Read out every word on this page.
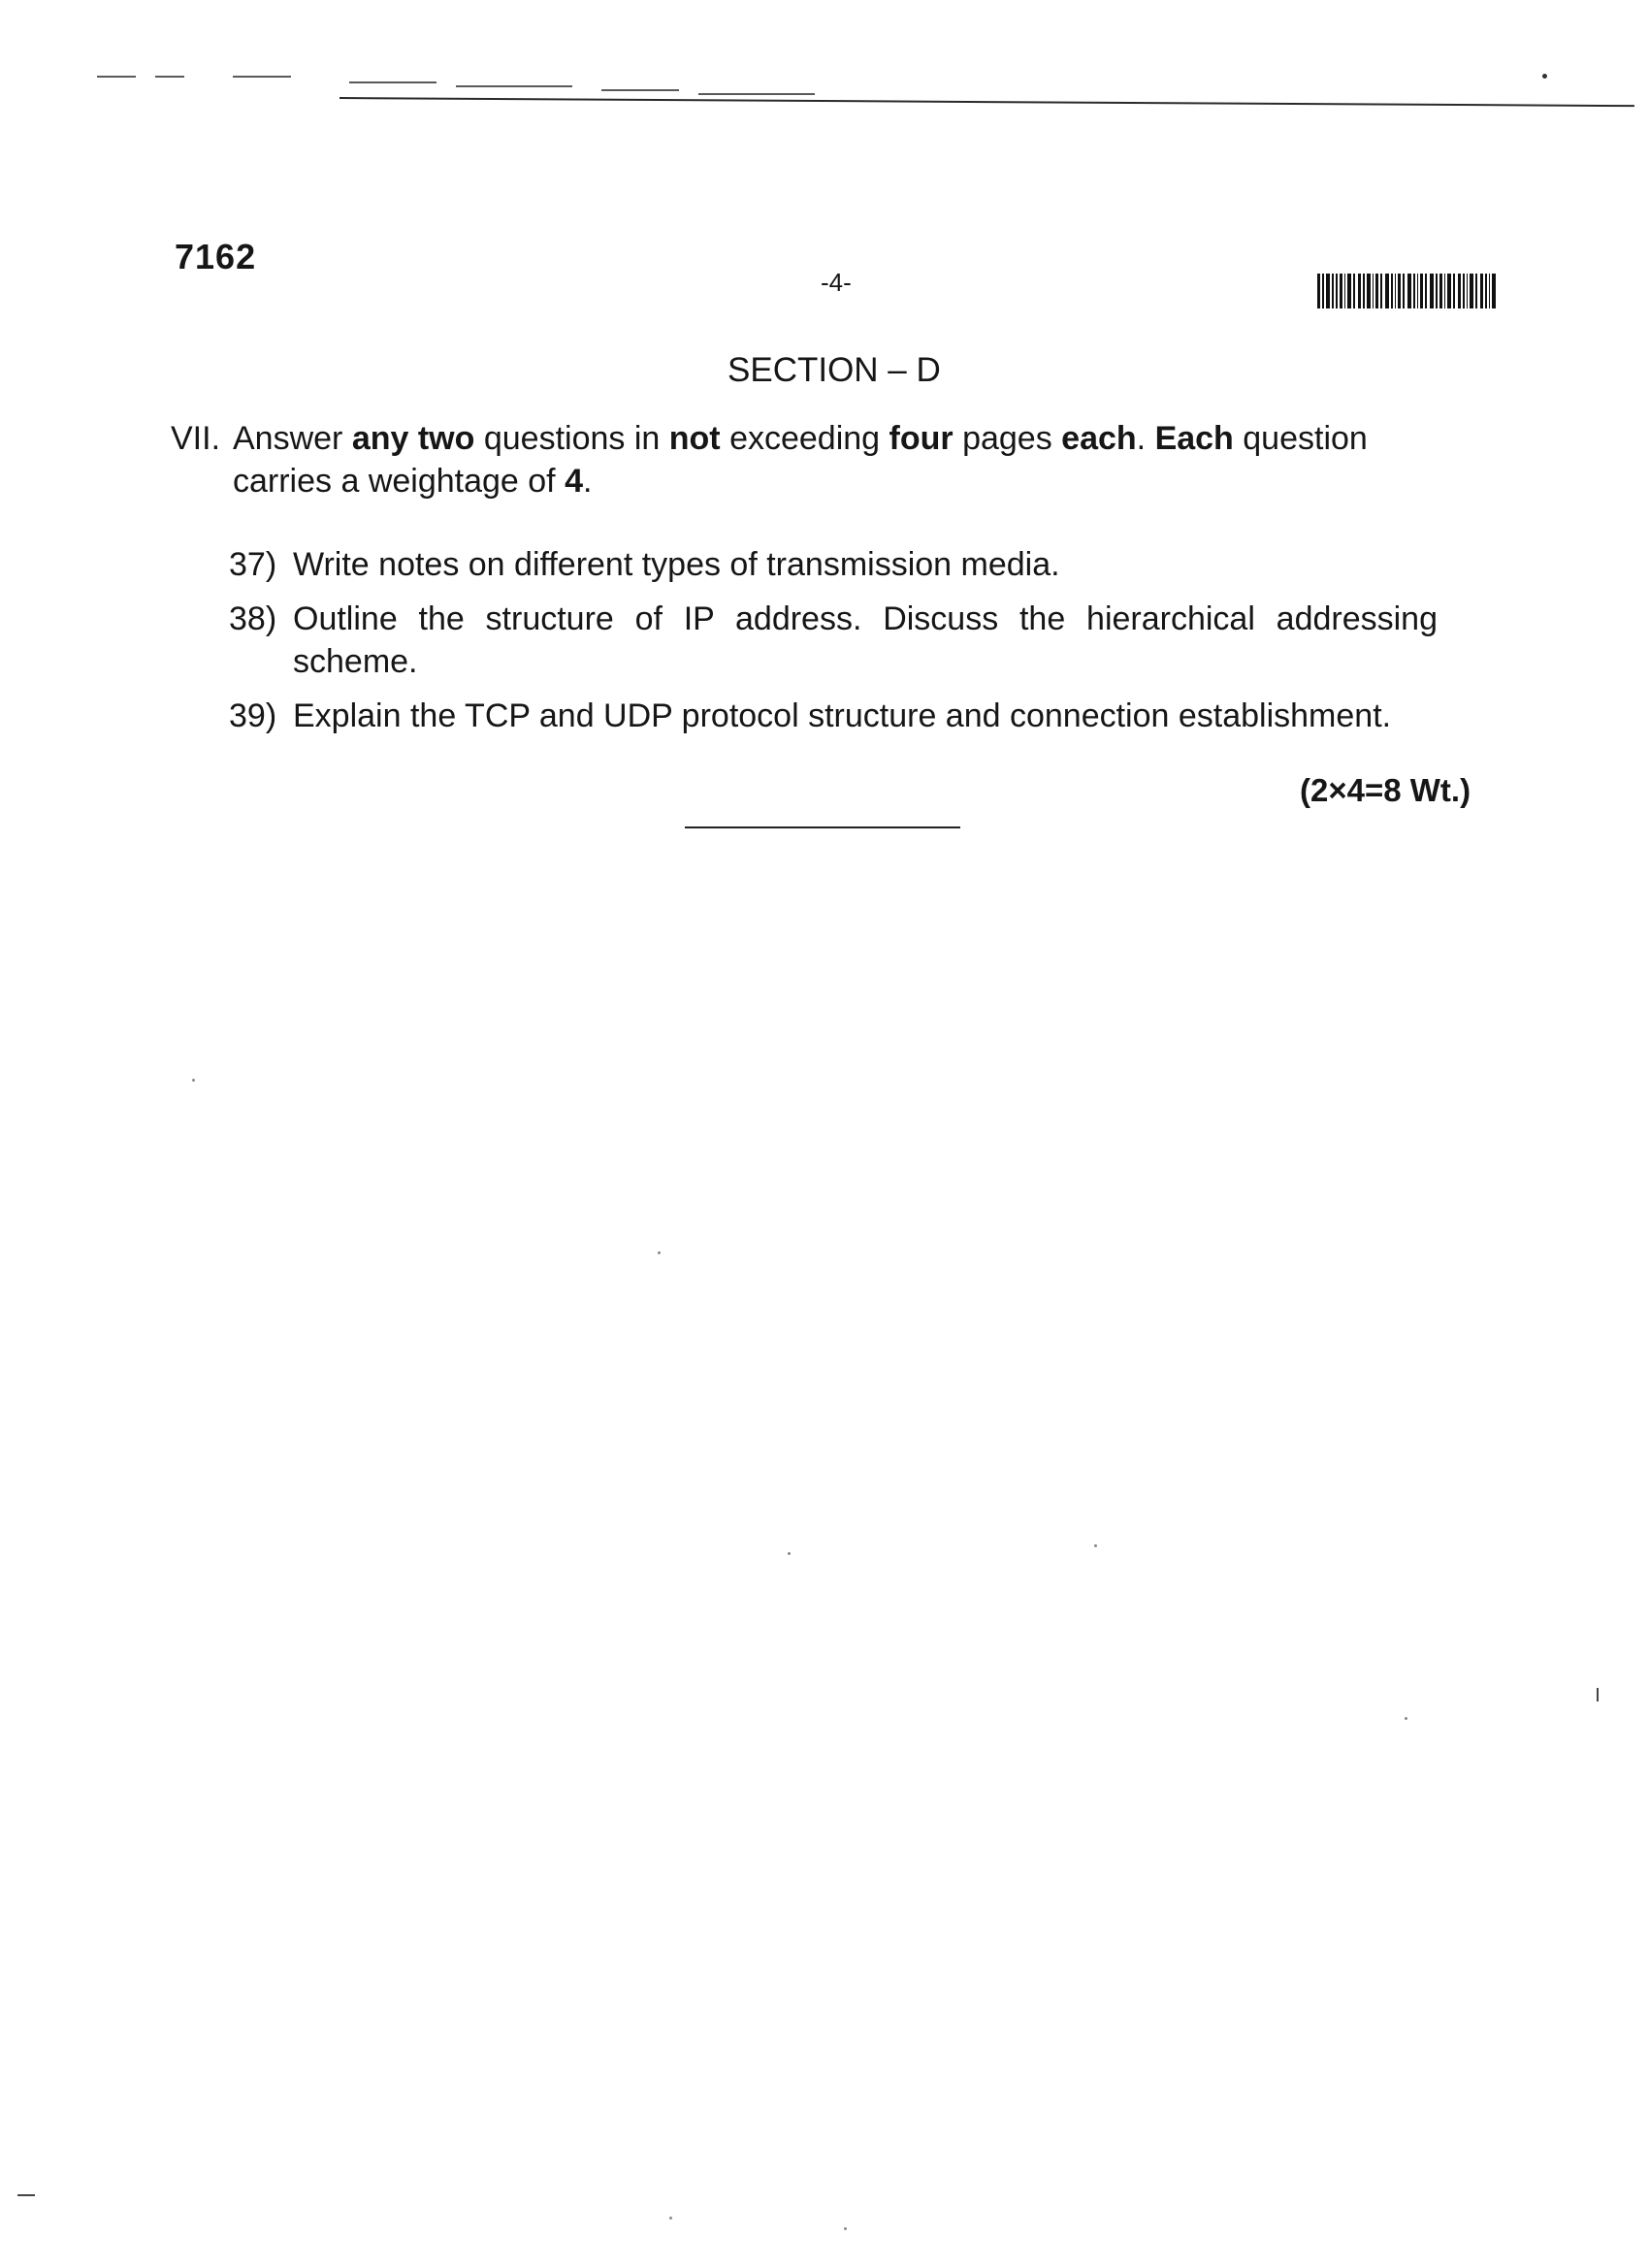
7162
-4-
SECTION – D
VII. Answer any two questions in not exceeding four pages each. Each question carries a weightage of 4.
37) Write notes on different types of transmission media.
38) Outline the structure of IP address. Discuss the hierarchical addressing scheme.
39) Explain the TCP and UDP protocol structure and connection establishment.
(2×4=8 Wt.)
